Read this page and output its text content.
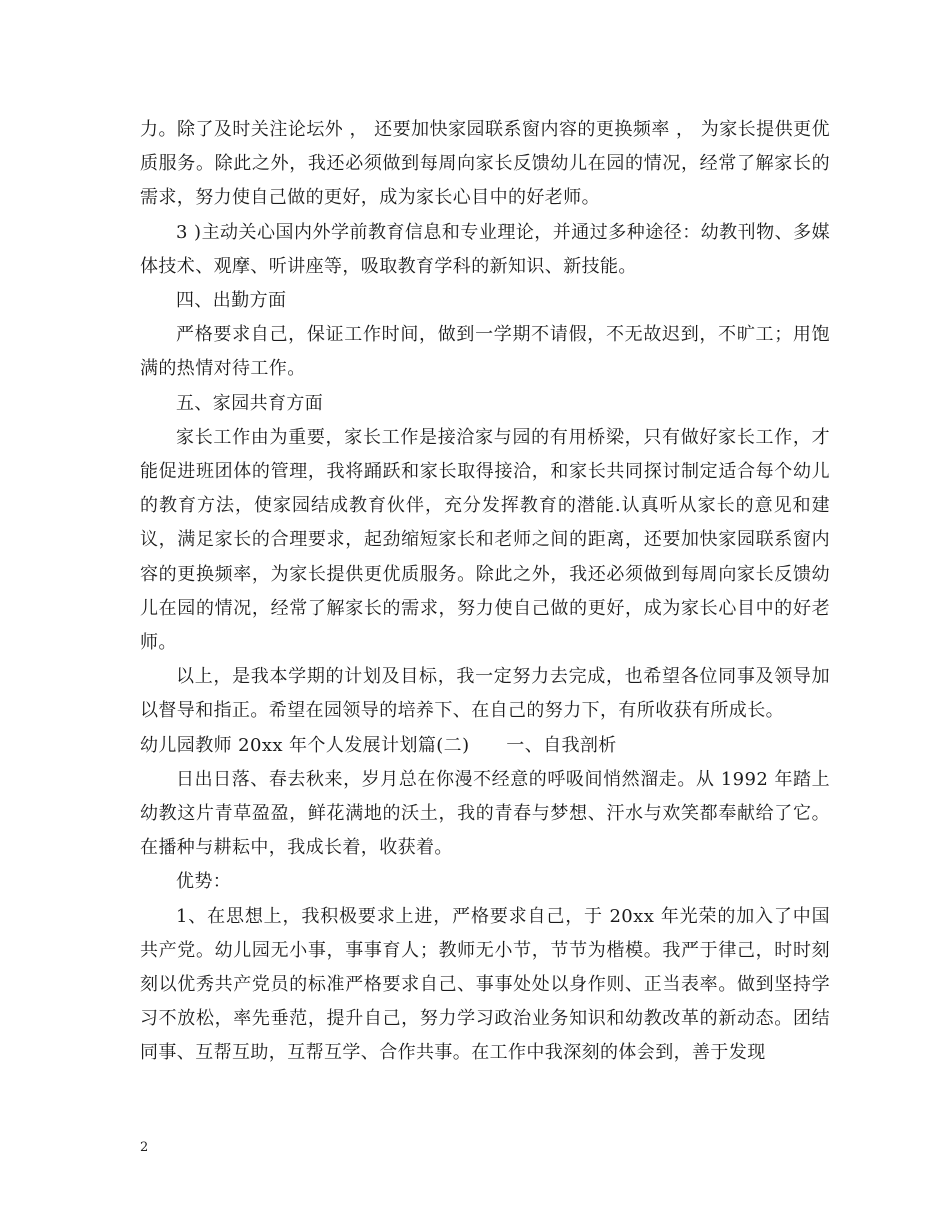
力。除了及时关注论坛外 ， 还要加快家园联系窗内容的更换频率 ， 为家长提供更优质服务。除此之外，我还必须做到每周向家长反馈幼儿在园的情况，经常了解家长的需求，努力使自己做的更好，成为家长心目中的好老师。

3 )主动关心国内外学前教育信息和专业理论，并通过多种途径：幼教刊物、多媒体技术、观摩、听讲座等，吸取教育学科的新知识、新技能。

四、出勤方面

严格要求自己，保证工作时间，做到一学期不请假，不无故迟到，不旷工；用饱满的热情对待工作。

五、家园共育方面

家长工作由为重要，家长工作是接洽家与园的有用桥梁，只有做好家长工作，才能促进班团体的管理，我将踊跃和家长取得接洽，和家长共同探讨制定适合每个幼儿的教育方法，使家园结成教育伙伴，充分发挥教育的潜能.认真听从家长的意见和建议，满足家长的合理要求，起劲缩短家长和老师之间的距离，还要加快家园联系窗内容的更换频率，为家长提供更优质服务。除此之外，我还必须做到每周向家长反馈幼儿在园的情况，经常了解家长的需求，努力使自己做的更好，成为家长心目中的好老师。

以上，是我本学期的计划及目标，我一定努力去完成，也希望各位同事及领导加以督导和指正。希望在园领导的培养下、在自己的努力下，有所收获有所成长。

幼儿园教师 20xx 年个人发展计划篇(二)　　一、自我剖析

日出日落、春去秋来，岁月总在你漫不经意的呼吸间悄然溜走。从 1992 年踏上幼教这片青草盈盈，鲜花满地的沃土，我的青春与梦想、汗水与欢笑都奉献给了它。在播种与耕耘中，我成长着，收获着。

优势：

1、在思想上，我积极要求上进，严格要求自己，于 20xx 年光荣的加入了中国共产党。幼儿园无小事，事事育人；教师无小节，节节为楷模。我严于律己，时时刻刻以优秀共产党员的标准严格要求自己、事事处处以身作则、正当表率。做到坚持学习不放松，率先垂范，提升自己，努力学习政治业务知识和幼教改革的新动态。团结同事、互帮互助，互帮互学、合作共事。在工作中我深刻的体会到，善于发现

2
